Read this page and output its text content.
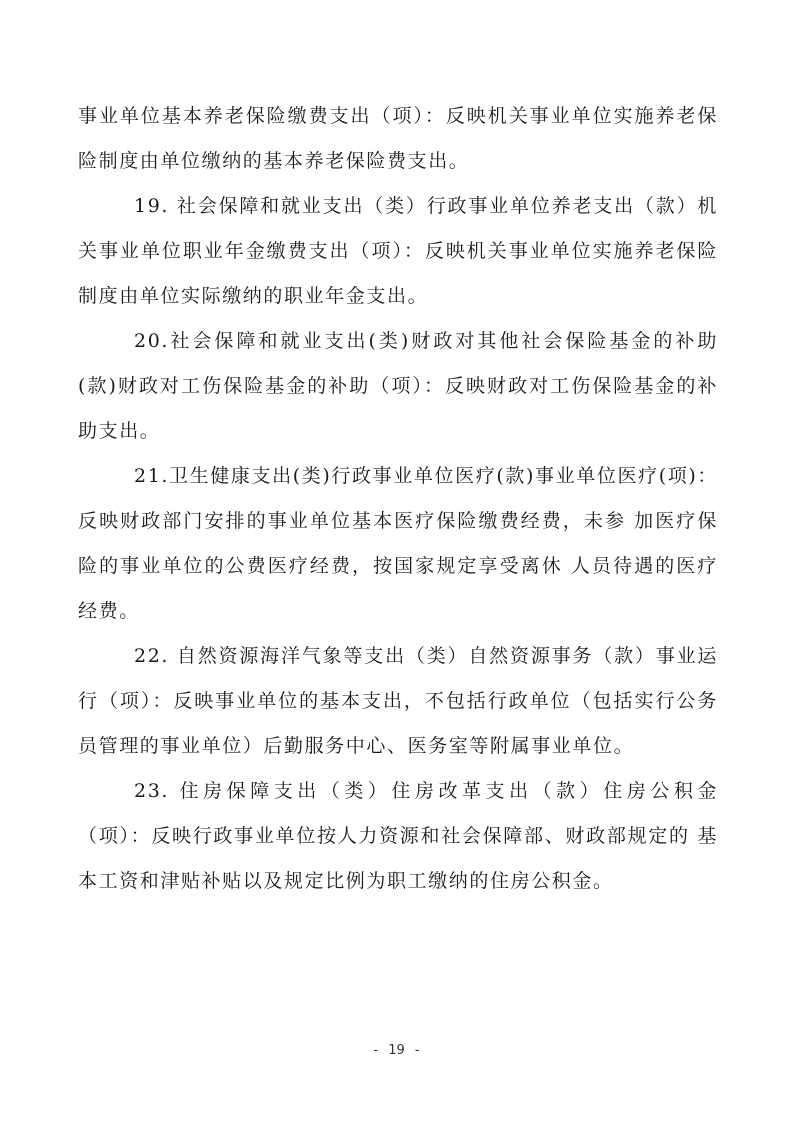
事业单位基本养老保险缴费支出（项）：反映机关事业单位实施养老保险制度由单位缴纳的基本养老保险费支出。

19. 社会保障和就业支出（类）行政事业单位养老支出（款）机关事业单位职业年金缴费支出（项）：反映机关事业单位实施养老保险制度由单位实际缴纳的职业年金支出。

20.社会保障和就业支出(类)财政对其他社会保险基金的补助(款)财政对工伤保险基金的补助（项）：反映财政对工伤保险基金的补助支出。

21.卫生健康支出(类)行政事业单位医疗(款)事业单位医疗(项)：反映财政部门安排的事业单位基本医疗保险缴费经费，未参 加医疗保险的事业单位的公费医疗经费，按国家规定享受离休 人员待遇的医疗经费。

22. 自然资源海洋气象等支出（类）自然资源事务（款）事业运行（项）：反映事业单位的基本支出，不包括行政单位（包括实行公务员管理的事业单位）后勤服务中心、医务室等附属事业单位。

23. 住房保障支出（类）住房改革支出（款）住房公积金（项）：反映行政事业单位按人力资源和社会保障部、财政部规定的 基本工资和津贴补贴以及规定比例为职工缴纳的住房公积金。

- 19 -
